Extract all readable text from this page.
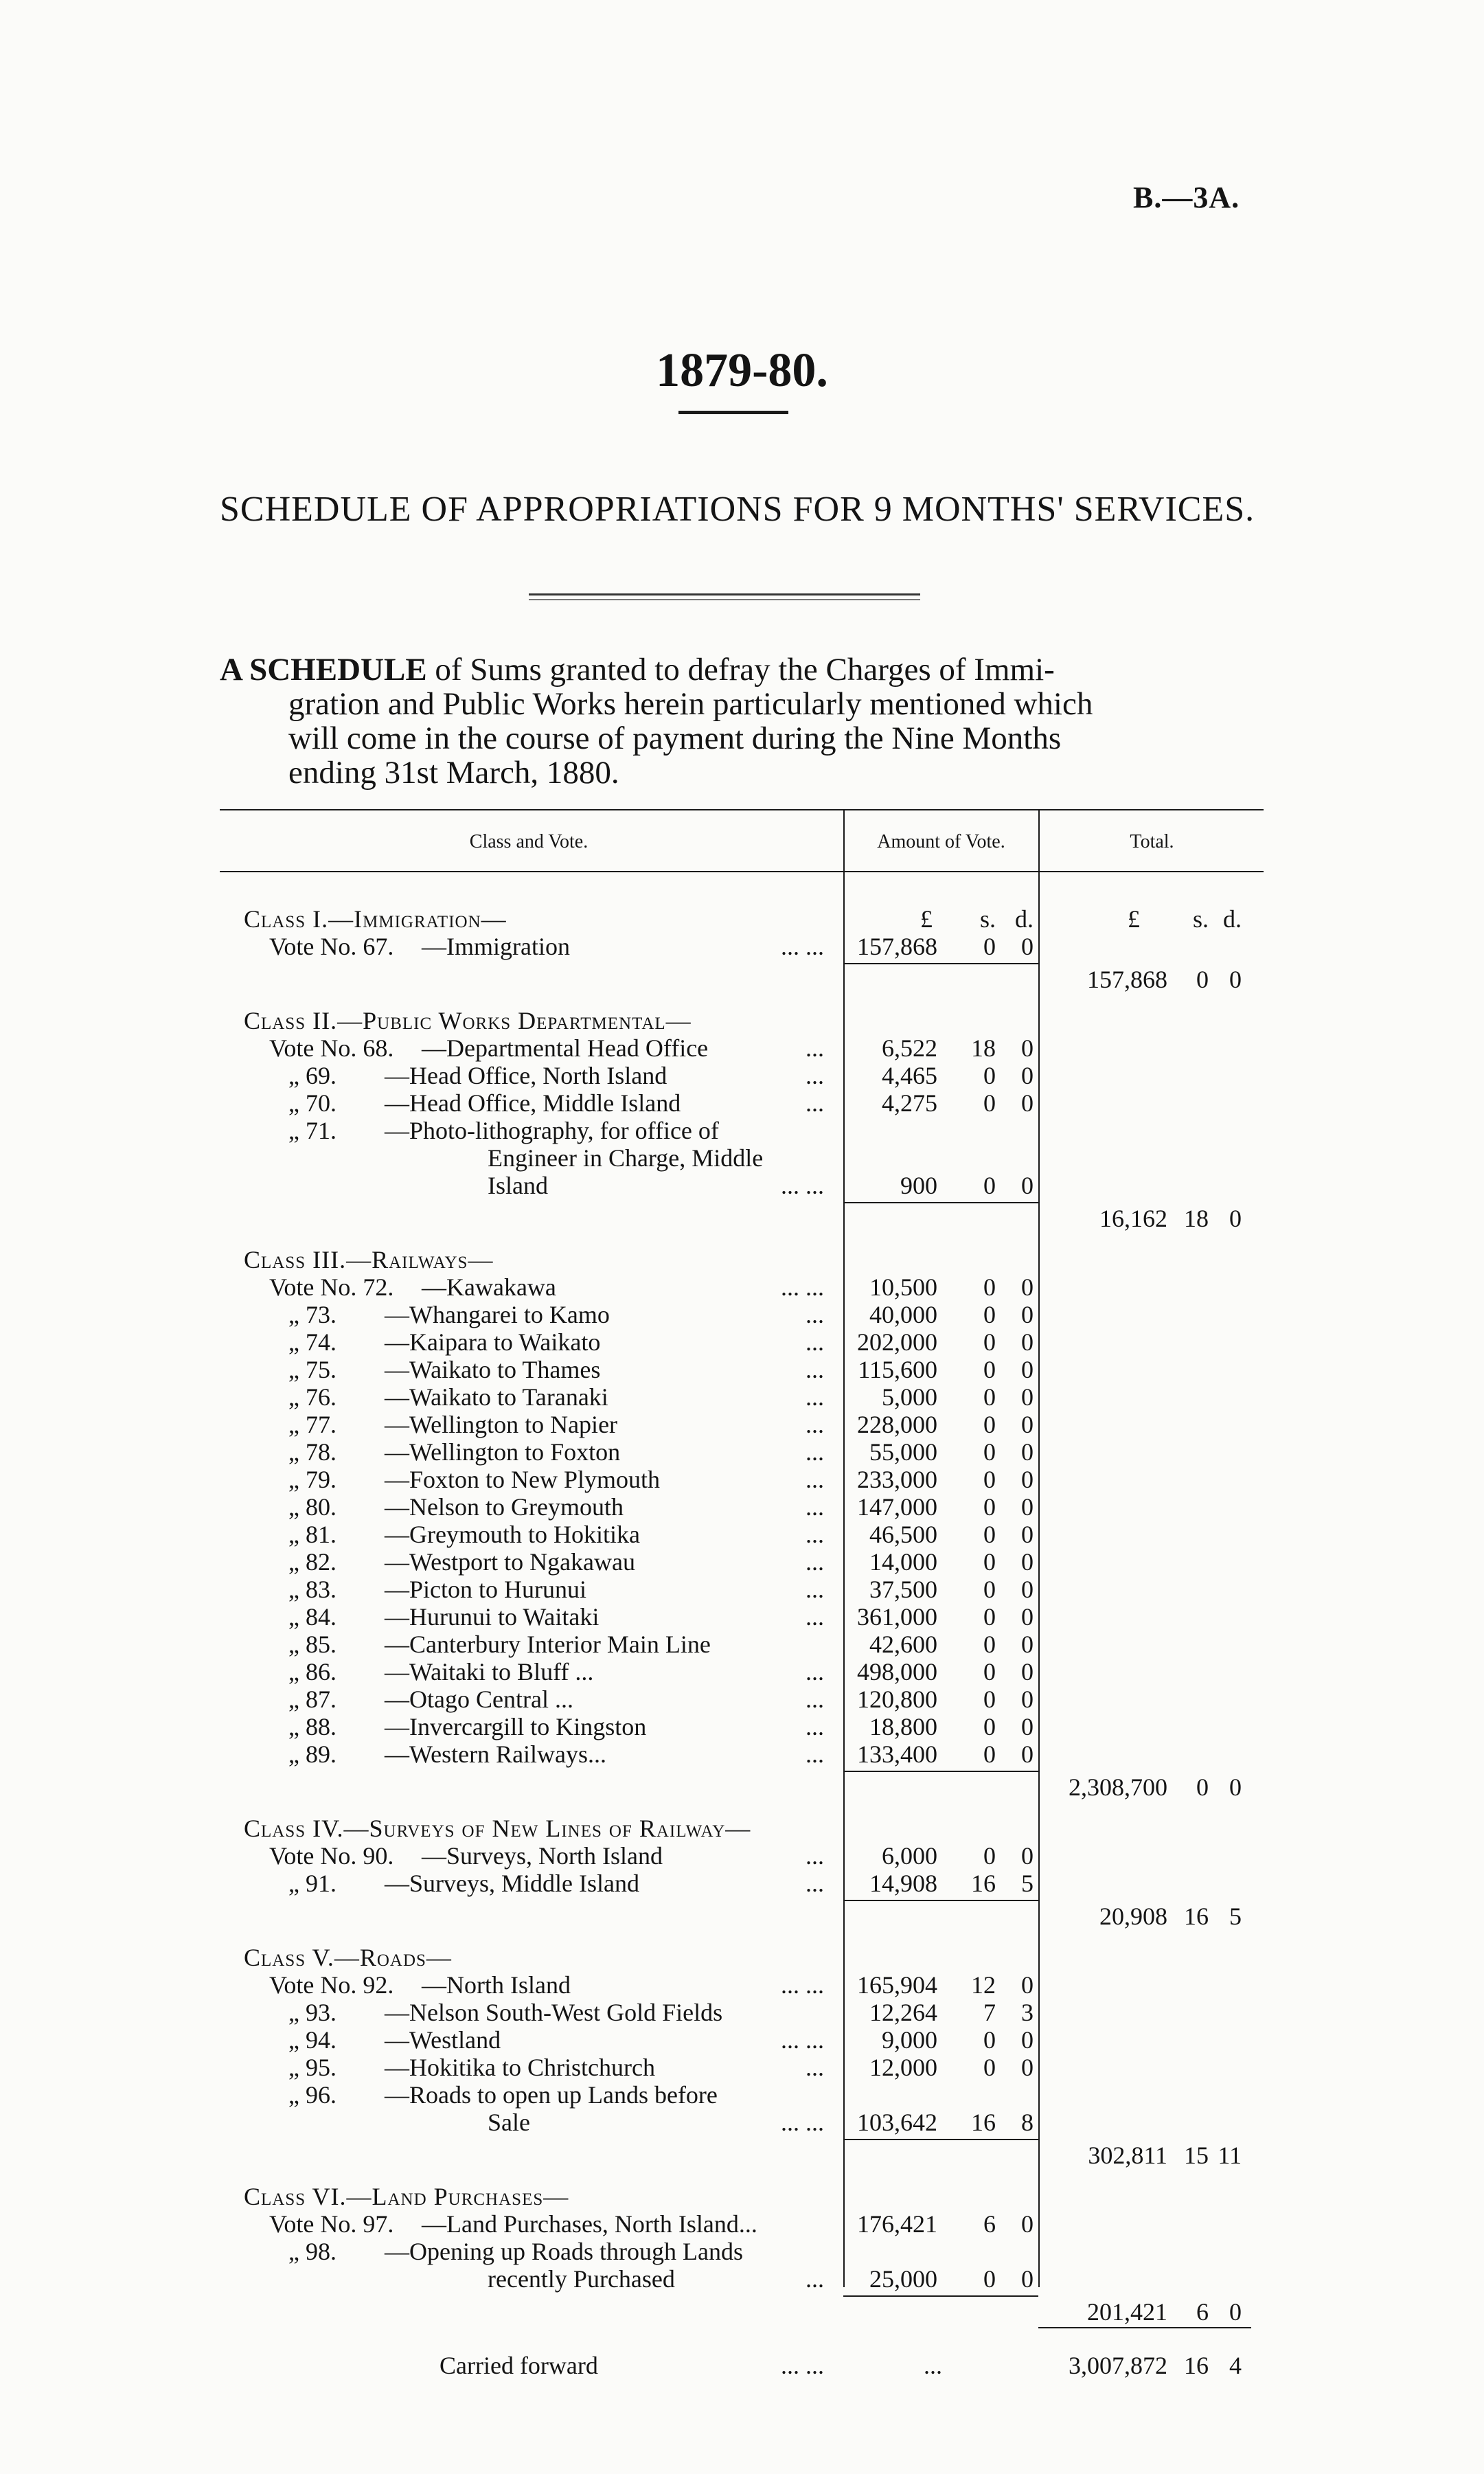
B.—3A.
1879-80.
SCHEDULE OF APPROPRIATIONS FOR 9 MONTHS' SERVICES.
A SCHEDULE of Sums granted to defray the Charges of Immi-
gration and Public Works herein particularly mentioned which
will come in the course of payment during the Nine Months
ending 31st March, 1880.
Class and Vote.	Amount of Vote.	Total.
£ s. d.	£ s. d.
Class I.—Immigration—
Vote No. 67. —Immigration	... ... 157,868 0 0
157,868 0 0
Class II.—Public Works Departmental—
Vote No. 68. —Departmental Head Office	... 6,522 18 0
„ 69. —Head Office, North Island	... 4,465 0 0
„ 70. —Head Office, Middle Island	... 4,275 0 0
„ 71. —Photo-lithography, for office of
Engineer in Charge, Middle
Island	... ...	900 0 0
16,162 18 0
Class III.—Railways—
Vote No. 72. —Kawakawa	... ... 10,500 0 0
„ 73. —Whangarei to Kamo	... 40,000 0 0
„ 74. —Kaipara to Waikato	... 202,000 0 0
„ 75. —Waikato to Thames	... 115,600 0 0
„ 76. —Waikato to Taranaki	... 5,000 0 0
„ 77. —Wellington to Napier	... 228,000 0 0
„ 78. —Wellington to Foxton	... 55,000 0 0
„ 79. —Foxton to New Plymouth	... 233,000 0 0
„ 80. —Nelson to Greymouth	... 147,000 0 0
„ 81. —Greymouth to Hokitika	... 46,500 0 0
„ 82. —Westport to Ngakawau	... 14,000 0 0
„ 83. —Picton to Hurunui	... 37,500 0 0
„ 84. —Hurunui to Waitaki	... 361,000 0 0
„ 85. —Canterbury Interior Main Line	42,600 0 0
„ 86. —Waitaki to Bluff ...	... 498,000 0 0
„ 87. —Otago Central ...	... 120,800 0 0
„ 88. —Invercargill to Kingston	... 18,800 0 0
„ 89. —Western Railways...	... 133,400 0 0
2,308,700 0 0
Class IV.—Surveys of New Lines of Railway—
Vote No. 90. —Surveys, North Island	... 6,000 0 0
„ 91. —Surveys, Middle Island	... 14,908 16 5
20,908 16 5
Class V.—Roads—
Vote No. 92. —North Island	... ... 165,904 12 0
„ 93. —Nelson South-West Gold Fields	12,264 7 3
„ 94. —Westland	... ... 9,000 0 0
„ 95. —Hokitika to Christchurch	... 12,000 0 0
„ 96. —Roads to open up Lands before
Sale	... ... 103,642 16 8
302,811 15 11
Class VI.—Land Purchases—
Vote No. 97. —Land Purchases, North Island...	176,421 6 0
„ 98. —Opening up Roads through Lands
recently Purchased	... 25,000 0 0
201,421 6 0
Carried forward	... ...	...	3,007,872 16 4
